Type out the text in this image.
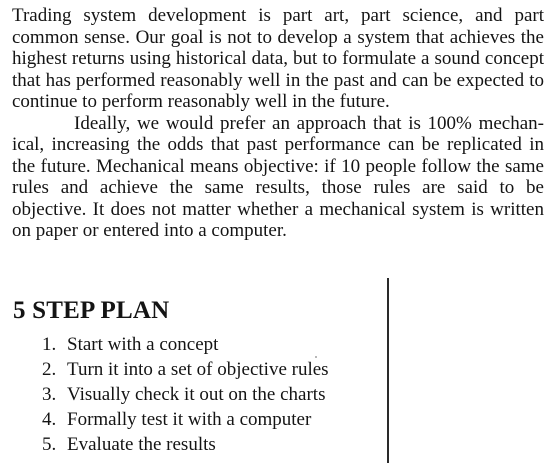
Trading system development is part art, part science, and part common sense. Our goal is not to develop a system that achieves the highest returns using historical data, but to formulate a sound concept that has performed reasonably well in the past and can be expected to continue to perform reasonably well in the future.

Ideally, we would prefer an approach that is 100% mechanical, increasing the odds that past performance can be replicated in the future. Mechanical means objective: if 10 people follow the same rules and achieve the same results, those rules are said to be objective. It does not matter whether a mechanical system is written on paper or entered into a computer.

5 STEP PLAN
1. Start with a concept
2. Turn it into a set of objective rules
3. Visually check it out on the charts
4. Formally test it with a computer
5. Evaluate the results
